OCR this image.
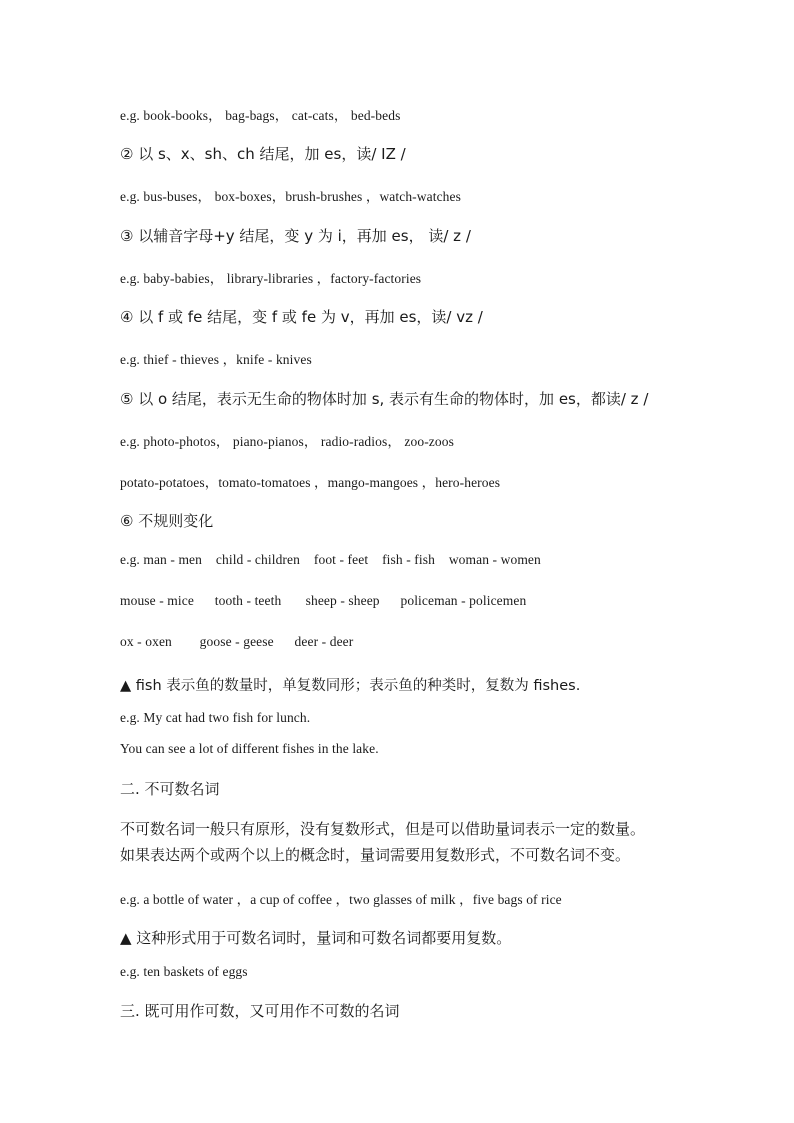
e.g. book-books， bag-bags， cat-cats， bed-beds
② 以 s、x、sh、ch 结尾，加 es，读/ IZ /
e.g. bus-buses， box-boxes，brush-brushes ，watch-watches
③ 以辅音字母+y 结尾，变 y 为 i，再加 es， 读/ z /
e.g. baby-babies， library-libraries ，factory-factories
④ 以 f 或 fe 结尾，变 f 或 fe 为 v，再加 es，读/ vz /
e.g. thief - thieves ，knife - knives
⑤ 以 o 结尾，表示无生命的物体时加 s, 表示有生命的物体时，加 es，都读/ z /
e.g. photo-photos， piano-pianos， radio-radios， zoo-zoos
potato-potatoes，tomato-tomatoes ，mango-mangoes ，hero-heroes
⑥ 不规则变化
e.g. man - men    child - children    foot - feet    fish - fish    woman - women
mouse - mice      tooth - teeth       sheep - sheep      policeman - policemen
ox - oxen        goose - geese      deer - deer
▲ fish 表示鱼的数量时，单复数同形；表示鱼的种类时，复数为 fishes.
e.g. My cat had two fish for lunch.
You can see a lot of different fishes in the lake.
二. 不可数名词
不可数名词一般只有原形，没有复数形式，但是可以借助量词表示一定的数量。
如果表达两个或两个以上的概念时，量词需要用复数形式，不可数名词不变。
e.g. a bottle of water ，a cup of coffee ，two glasses of milk ，five bags of rice
▲ 这种形式用于可数名词时，量词和可数名词都要用复数。
e.g. ten baskets of eggs
三. 既可用作可数，又可用作不可数的名词
